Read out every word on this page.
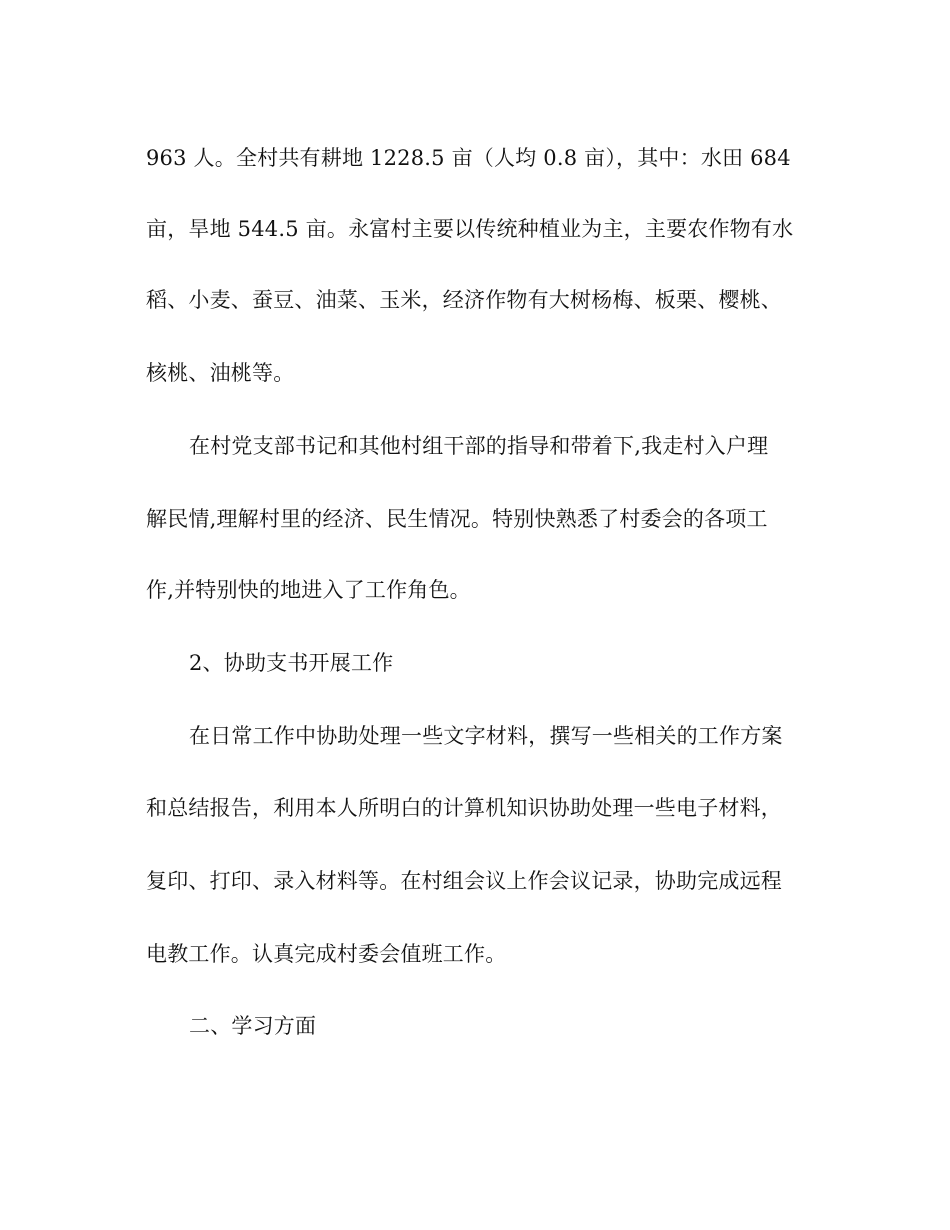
963 人。全村共有耕地 1228.5 亩（人均 0.8 亩），其中：水田 684

亩，旱地 544.5 亩。永富村主要以传统种植业为主，主要农作物有水

稻、小麦、蚕豆、油菜、玉米，经济作物有大树杨梅、板栗、樱桃、

核桃、油桃等。

在村党支部书记和其他村组干部的指导和带着下,我走村入户理

解民情,理解村里的经济、民生情况。特别快熟悉了村委会的各项工

作,并特别快的地进入了工作角色。

2、协助支书开展工作

在日常工作中协助处理一些文字材料，撰写一些相关的工作方案

和总结报告，利用本人所明白的计算机知识协助处理一些电子材料，

复印、打印、录入材料等。在村组会议上作会议记录，协助完成远程

电教工作。认真完成村委会值班工作。

二、学习方面
